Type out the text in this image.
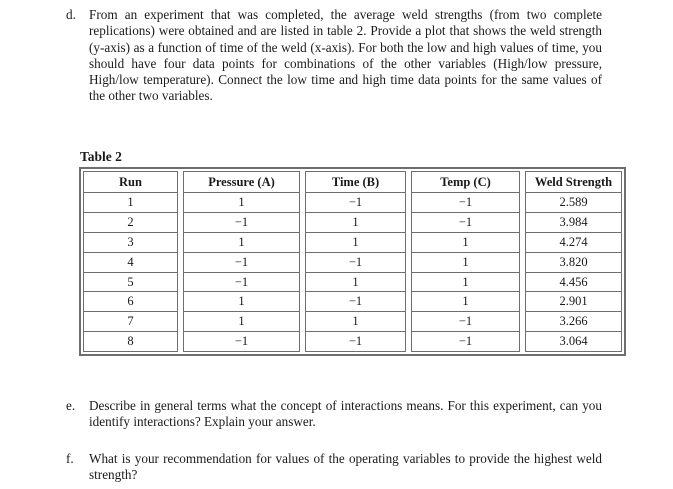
d. From an experiment that was completed, the average weld strengths (from two complete replications) were obtained and are listed in table 2. Provide a plot that shows the weld strength (y-axis) as a function of time of the weld (x-axis). For both the low and high values of time, you should have four data points for combinations of the other variables (High/low pressure, High/low temperature). Connect the low time and high time data points for the same values of the other two variables.
Table 2
Run		Pressure (A)		Time (B)		Temp (C)		Weld Strength
1		1		−1		−1		2.589
2		−1		1		−1		3.984
3		1		1		1		4.274
4		−1		−1		1		3.820
5		−1		1		1		4.456
6		1		−1		1		2.901
7		1		1		−1		3.266
8		−1		−1		−1		3.064
e. Describe in general terms what the concept of interactions means. For this experiment, can you identify interactions? Explain your answer.
f. What is your recommendation for values of the operating variables to provide the highest weld strength?
